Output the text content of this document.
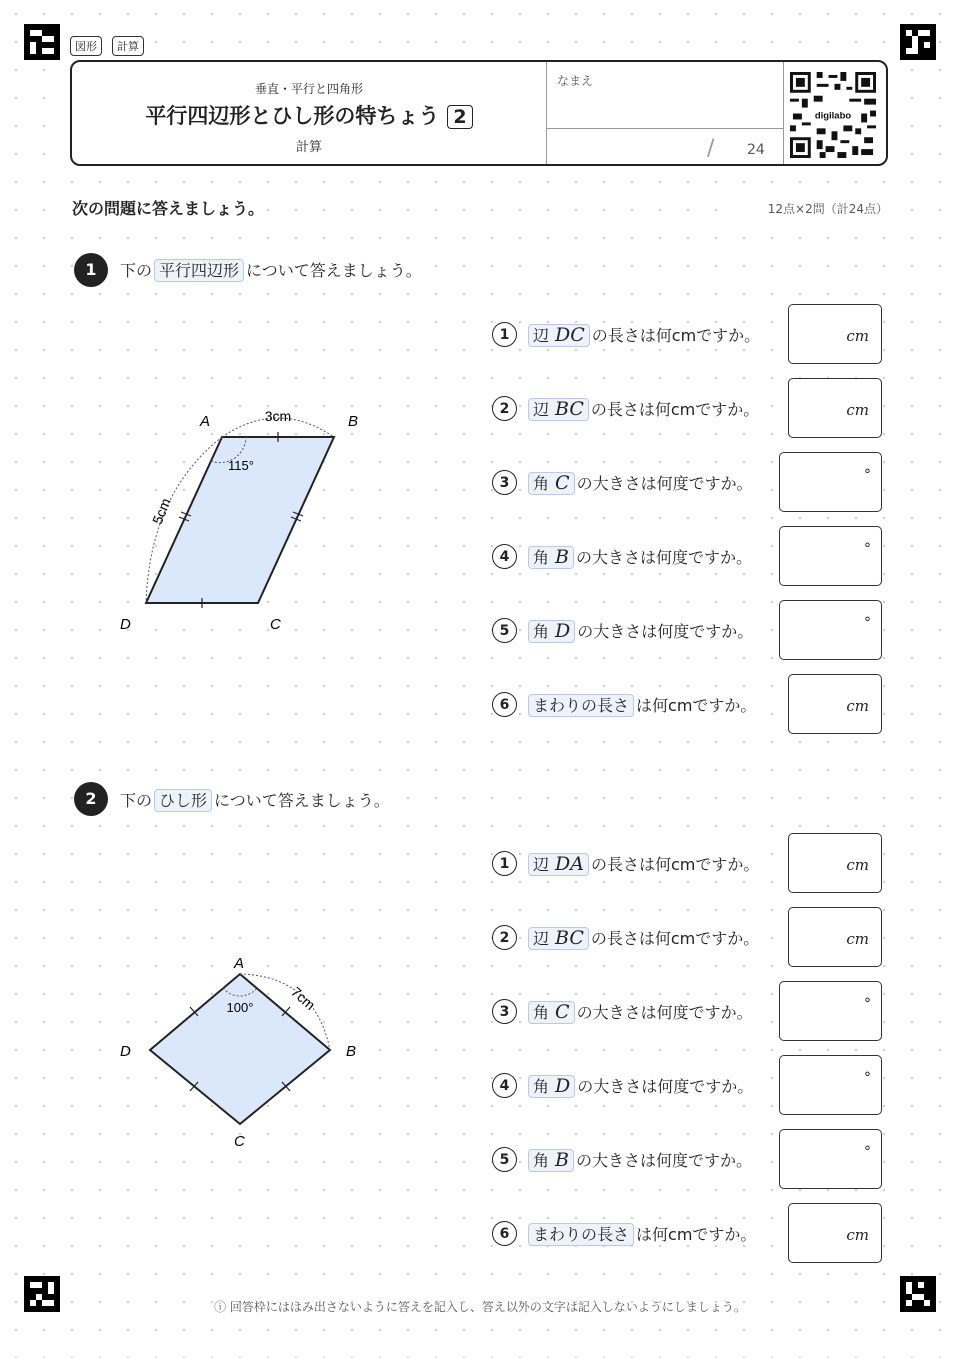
図形	計算
垂直・平行と四角形
平行四辺形とひし形の特ちょう 2
計算
なまえ
/ 24
digilabo
次の問題に答えましょう。	12点×2問（計24点）
1	下の 平行四辺形 について答えましょう。
A	B
C
D
3cm
5cm
115°
1	辺 DC の長さは何cmですか。	cm
2	辺 BC の長さは何cmですか。	cm
3	角 C の大きさは何度ですか。	°
4	角 B の大きさは何度ですか。	°
5	角 D の大きさは何度ですか。	°
6	まわりの長さ は何cmですか。	cm
2	下の ひし形 について答えましょう。
A
B
C
D
7cm
100°
1	辺 DA の長さは何cmですか。	cm
2	辺 BC の長さは何cmですか。	cm
3	角 C の大きさは何度ですか。	°
4	角 D の大きさは何度ですか。	°
5	角 B の大きさは何度ですか。	°
6	まわりの長さ は何cmですか。	cm
ⓘ 回答枠にははみ出さないように答えを記入し、答え以外の文字は記入しないようにしましょう。
